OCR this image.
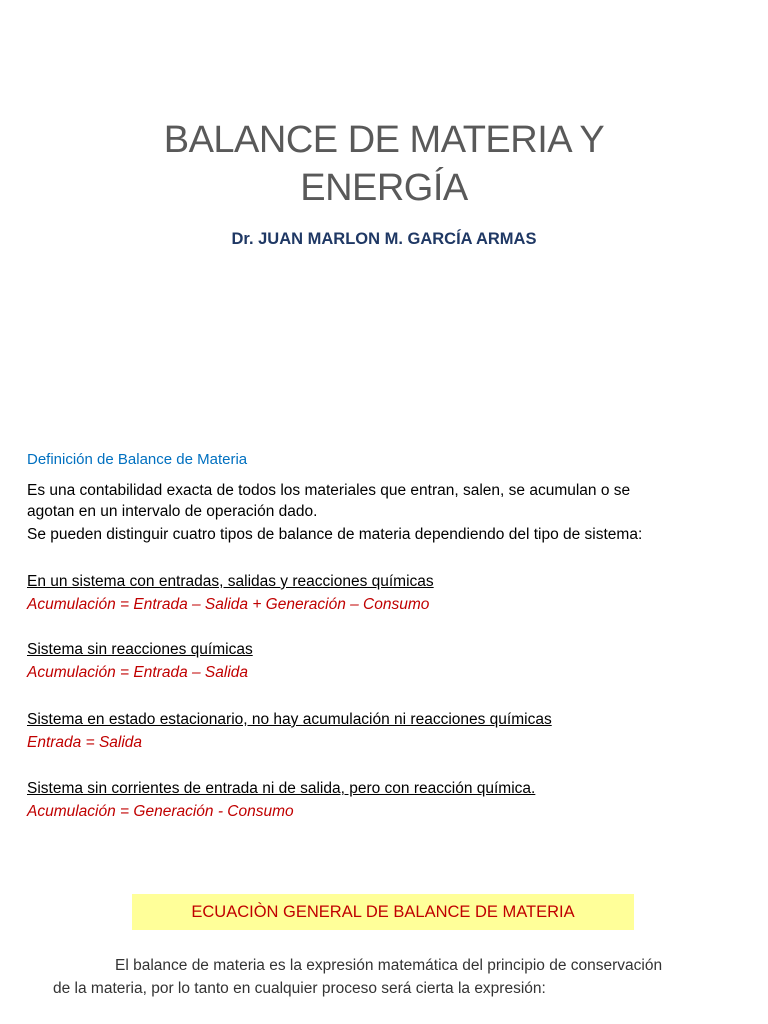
BALANCE DE MATERIA Y
ENERGÍA

Dr. JUAN MARLON M. GARCÍA ARMAS

Definición de Balance de Materia

Es una contabilidad exacta de todos los materiales que entran, salen, se acumulan o se
agotan en un intervalo de operación dado.

Se pueden distinguir cuatro tipos de balance de materia dependiendo del tipo de sistema:

En un sistema con entradas, salidas y reacciones químicas

Acumulación = Entrada – Salida + Generación – Consumo

Sistema sin reacciones químicas

Acumulación = Entrada – Salida

Sistema en estado estacionario, no hay acumulación ni reacciones químicas

Entrada = Salida

Sistema sin corrientes de entrada ni de salida, pero con reacción química.

Acumulación = Generación - Consumo

ECUACIÒN GENERAL DE BALANCE DE MATERIA

El balance de materia es la expresión matemática del principio de conservación
de la materia, por lo tanto en cualquier proceso será cierta la expresión:
